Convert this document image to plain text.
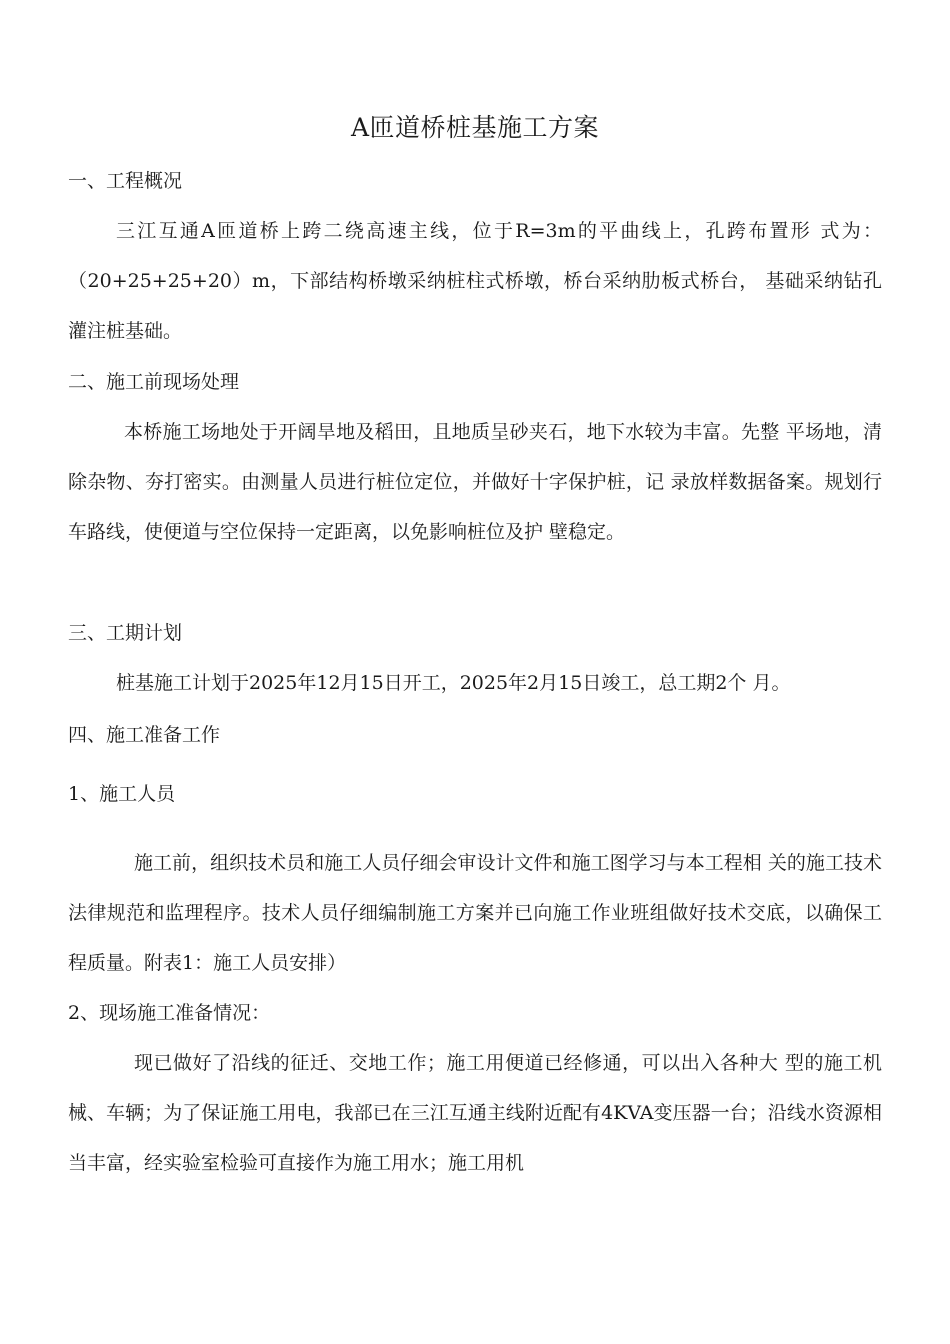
A匝道桥桩基施工方案
一、工程概况
三江互通A匝道桥上跨二绕高速主线，位于R=3m的平曲线上，孔跨布置形 式为：（20+25+25+20）m，下部结构桥墩采纳桩柱式桥墩，桥台采纳肋板式桥台， 基础采纳钻孔灌注桩基础。
二、施工前现场处理
本桥施工场地处于开阔旱地及稻田，且地质呈砂夹石，地下水较为丰富。先整 平场地，清除杂物、夯打密实。由测量人员进行桩位定位，并做好十字保护桩，记 录放样数据备案。规划行车路线，使便道与空位保持一定距离，以免影响桩位及护 壁稳定。
三、工期计划
桩基施工计划于2025年12月15日开工，2025年2月15日竣工，总工期2个 月。
四、施工准备工作
1、施工人员
施工前，组织技术员和施工人员仔细会审设计文件和施工图学习与本工程相 关的施工技术法律规范和监理程序。技术人员仔细编制施工方案并已向施工作业班组做好技术交底，以确保工程质量。附表1：施工人员安排）
2、现场施工准备情况：
现已做好了沿线的征迁、交地工作；施工用便道已经修通，可以出入各种大 型的施工机械、车辆；为了保证施工用电，我部已在三江互通主线附近配有4KVA变压器一台；沿线水资源相当丰富，经实验室检验可直接作为施工用水；施工用机
